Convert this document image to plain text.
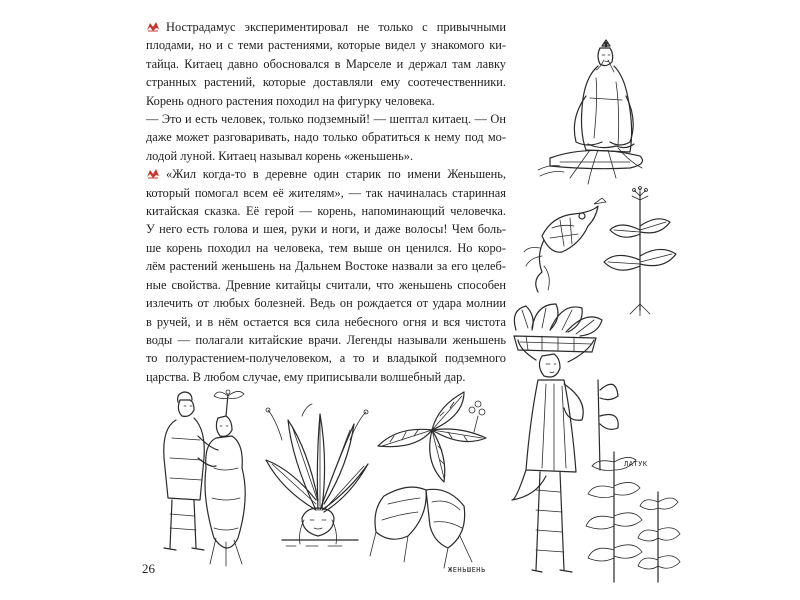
Нострадамус экспериментировал не только с привычными
плодами, но и с теми растениями, которые видел у знакомого ки-
тайца. Китаец давно обосновался в Марселе и держал там лавку
странных растений, которые доставляли ему соотечественники.
Корень одного растения походил на фигурку человека.

— Это и есть человек, только подземный! — шептал китаец. — Он
даже может разговаривать, надо только обратиться к нему под мо-
лодой луной. Китаец называл корень «женьшень».

«Жил когда-то в деревне один старик по имени Женьшень,
который помогал всем её жителям», — так начиналась старинная
китайская сказка. Её герой — корень, напоминающий человечка.
У него есть голова и шея, руки и ноги, и даже волосы! Чем боль-
ше корень походил на человека, тем выше он ценился. Но коро-
лём растений женьшень на Дальнем Востоке назвали за его целеб-
ные свойства. Древние китайцы считали, что женьшень способен
излечить от любых болезней. Ведь он рождается от удара молнии
в ручей, и в нём остается вся сила небесного огня и вся чистота
воды — полагали китайские врачи. Легенды называли женьшень
то полурастением-получеловеком, а то и владыкой подземного
царства. В любом случае, ему приписывали волшебный дар.

ЛАТУК
ЖЕНЬШЕНЬ
26
